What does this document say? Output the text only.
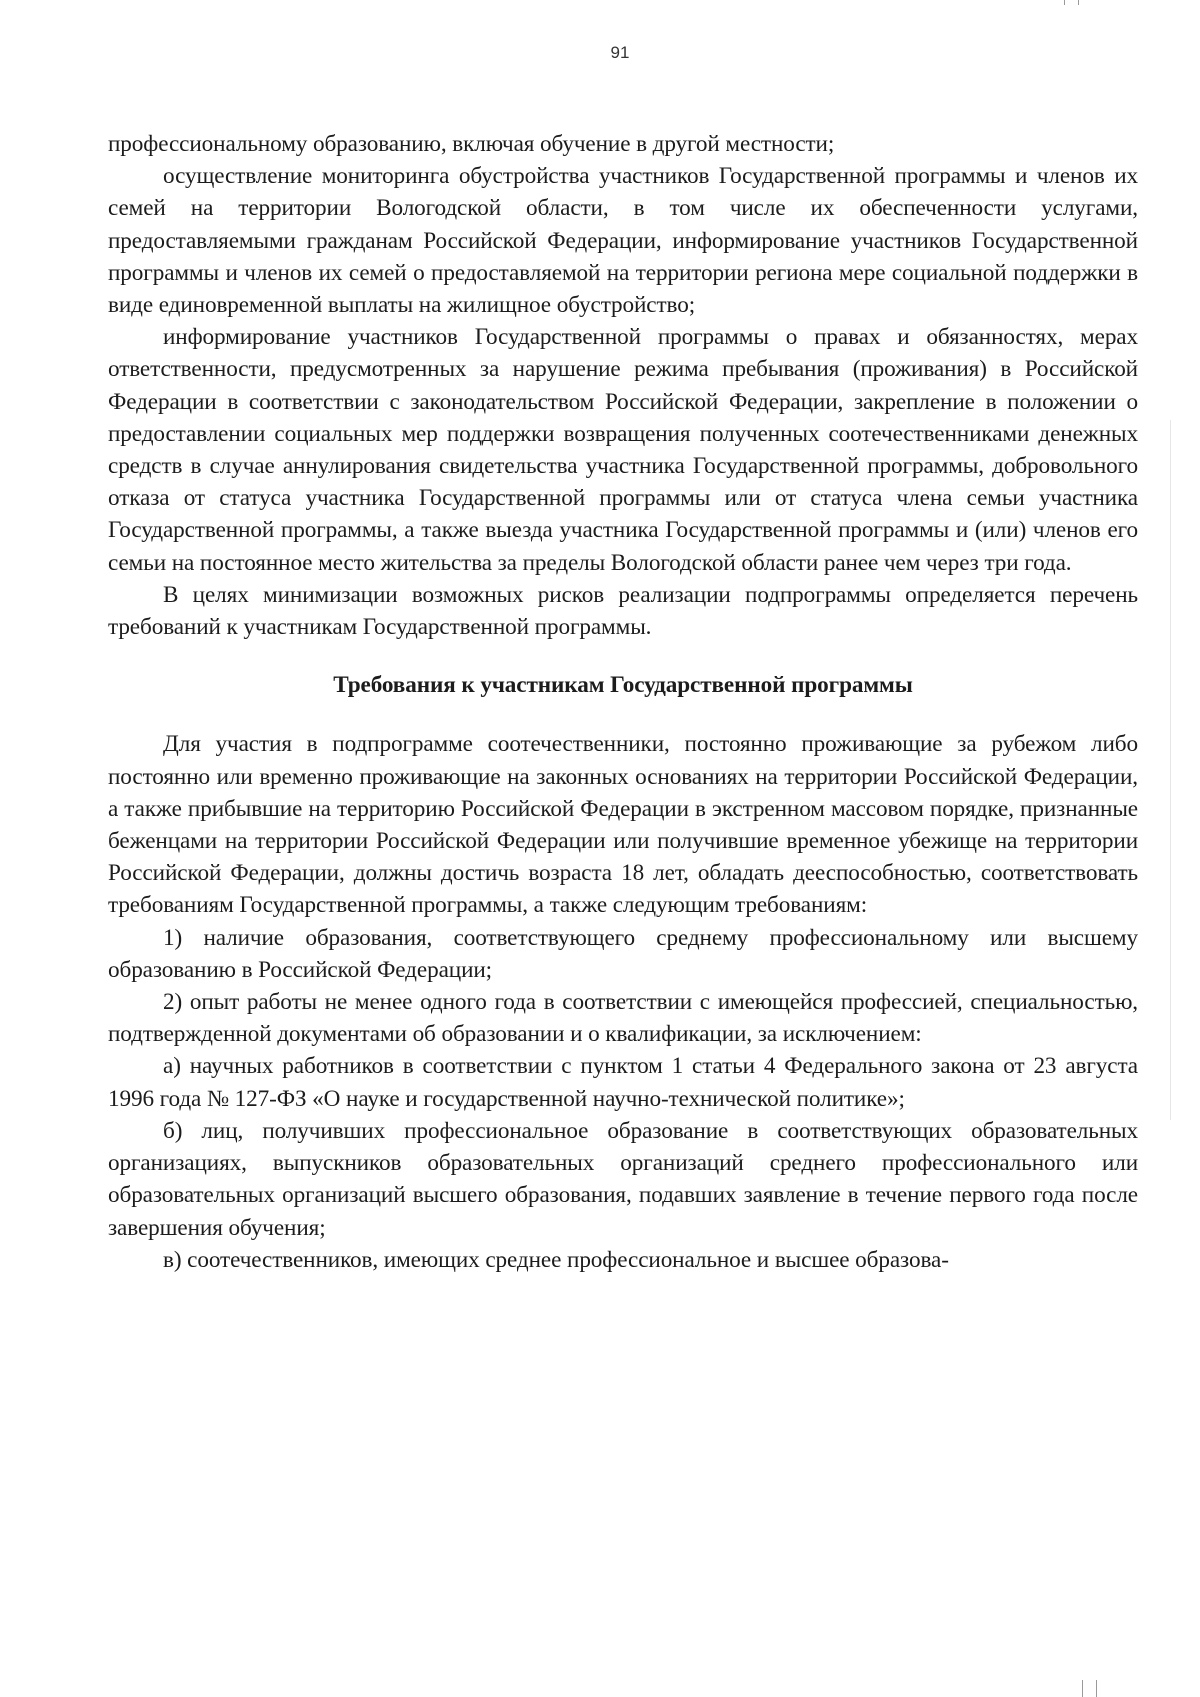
91

профессиональному образованию, включая обучение в другой местности;

осуществление мониторинга обустройства участников Государственной программы и членов их семей на территории Вологодской области, в том числе их обеспеченности услугами, предоставляемыми гражданам Российской Федерации, информирование участников Государственной программы и членов их семей о предоставляемой на территории региона мере социальной поддержки в виде единовременной выплаты на жилищное обустройство;

информирование участников Государственной программы о правах и обязанностях, мерах ответственности, предусмотренных за нарушение режима пребывания (проживания) в Российской Федерации в соответствии с законодательством Российской Федерации, закрепление в положении о предоставлении социальных мер поддержки возвращения полученных соотечественниками денежных средств в случае аннулирования свидетельства участника Государственной программы, добровольного отказа от статуса участника Государственной программы или от статуса члена семьи участника Государственной программы, а также выезда участника Государственной программы и (или) членов его семьи на постоянное место жительства за пределы Вологодской области ранее чем через три года.

В целях минимизации возможных рисков реализации подпрограммы определяется перечень требований к участникам Государственной программы.

Требования к участникам Государственной программы

Для участия в подпрограмме соотечественники, постоянно проживающие за рубежом либо постоянно или временно проживающие на законных основаниях на территории Российской Федерации, а также прибывшие на территорию Российской Федерации в экстренном массовом порядке, признанные беженцами на территории Российской Федерации или получившие временное убежище на территории Российской Федерации, должны достичь возраста 18 лет, обладать дееспособностью, соответствовать требованиям Государственной программы, а также следующим требованиям:

1) наличие образования, соответствующего среднему профессиональному или высшему образованию в Российской Федерации;

2) опыт работы не менее одного года в соответствии с имеющейся профессией, специальностью, подтвержденной документами об образовании и о квалификации, за исключением:

а) научных работников в соответствии с пунктом 1 статьи 4 Федерального закона от 23 августа 1996 года № 127-ФЗ «О науке и государственной научно-технической политике»;

б) лиц, получивших профессиональное образование в соответствующих образовательных организациях, выпускников образовательных организаций среднего профессионального или образовательных организаций высшего образования, подавших заявление в течение первого года после завершения обучения;

в) соотечественников, имеющих среднее профессиональное и высшее образова-
